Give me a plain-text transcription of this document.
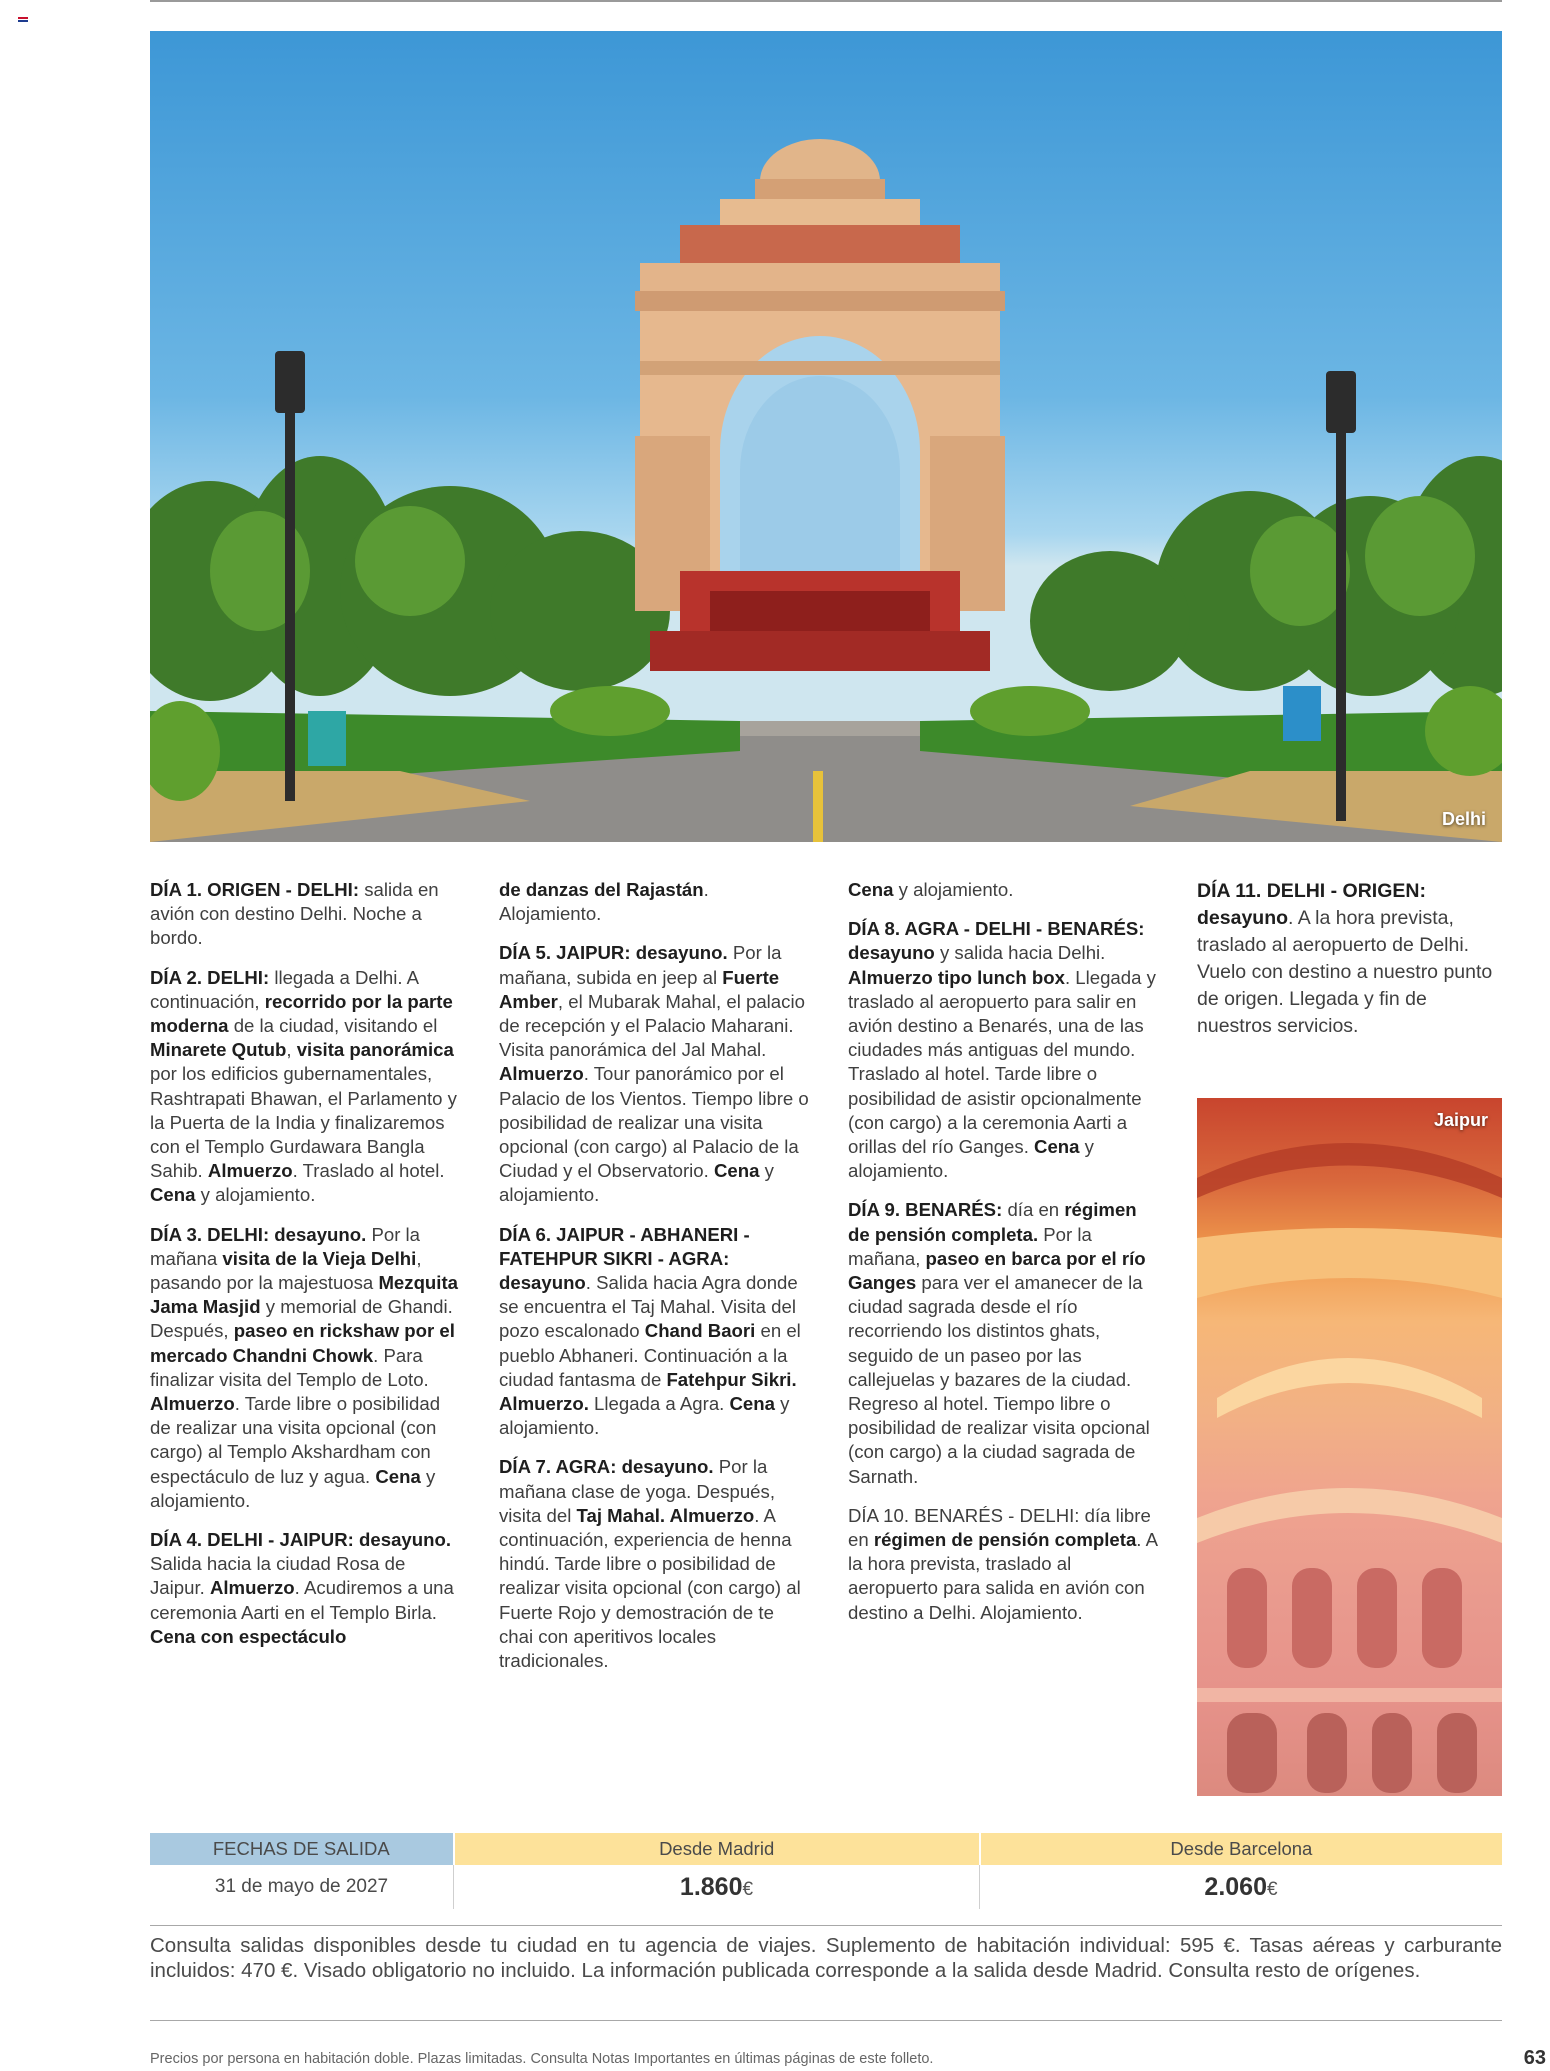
Delhi

DÍA 1. ORIGEN - DELHI: salida en avión con destino Delhi. Noche a bordo.

DÍA 2. DELHI: llegada a Delhi. A continuación, recorrido por la parte moderna de la ciudad, visitando el Minarete Qutub, visita panorámica por los edificios gubernamentales, Rashtrapati Bhawan, el Parlamento y la Puerta de la India y finalizaremos con el Templo Gurdawara Bangla Sahib. Almuerzo. Traslado al hotel. Cena y alojamiento.

DÍA 3. DELHI: desayuno. Por la mañana visita de la Vieja Delhi, pasando por la majestuosa Mezquita Jama Masjid y memorial de Ghandi. Después, paseo en rickshaw por el mercado Chandni Chowk. Para finalizar visita del Templo de Loto. Almuerzo. Tarde libre o posibilidad de realizar una visita opcional (con cargo) al Templo Akshardham con espectáculo de luz y agua. Cena y alojamiento.

DÍA 4. DELHI - JAIPUR: desayuno. Salida hacia la ciudad Rosa de Jaipur. Almuerzo. Acudiremos a una ceremonia Aarti en el Templo Birla. Cena con espectáculo

de danzas del Rajastán. Alojamiento.

DÍA 5. JAIPUR: desayuno. Por la mañana, subida en jeep al Fuerte Amber, el Mubarak Mahal, el palacio de recepción y el Palacio Maharani. Visita panorámica del Jal Mahal. Almuerzo. Tour panorámico por el Palacio de los Vientos. Tiempo libre o posibilidad de realizar una visita opcional (con cargo) al Palacio de la Ciudad y el Observatorio. Cena y alojamiento.

DÍA 6. JAIPUR - ABHANERI - FATEHPUR SIKRI - AGRA: desayuno. Salida hacia Agra donde se encuentra el Taj Mahal. Visita del pozo escalonado Chand Baori en el pueblo Abhaneri. Continuación a la ciudad fantasma de Fatehpur Sikri. Almuerzo. Llegada a Agra. Cena y alojamiento.

DÍA 7. AGRA: desayuno. Por la mañana clase de yoga. Después, visita del Taj Mahal. Almuerzo. A continuación, experiencia de henna hindú. Tarde libre o posibilidad de realizar visita opcional (con cargo) al Fuerte Rojo y demostración de te chai con aperitivos locales tradicionales.

Cena y alojamiento.

DÍA 8. AGRA - DELHI - BENARÉS: desayuno y salida hacia Delhi. Almuerzo tipo lunch box. Llegada y traslado al aeropuerto para salir en avión destino a Benarés, una de las ciudades más antiguas del mundo. Traslado al hotel. Tarde libre o posibilidad de asistir opcionalmente (con cargo) a la ceremonia Aarti a orillas del río Ganges. Cena y alojamiento.

DÍA 9. BENARÉS: día en régimen de pensión completa. Por la mañana, paseo en barca por el río Ganges para ver el amanecer de la ciudad sagrada desde el río recorriendo los distintos ghats, seguido de un paseo por las callejuelas y bazares de la ciudad. Regreso al hotel. Tiempo libre o posibilidad de realizar visita opcional (con cargo) a la ciudad sagrada de Sarnath.

DÍA 10. BENARÉS - DELHI: día libre en régimen de pensión completa. A la hora prevista, traslado al aeropuerto para salida en avión con destino a Delhi. Alojamiento.

DÍA 11. DELHI - ORIGEN: desayuno. A la hora prevista, traslado al aeropuerto de Delhi. Vuelo con destino a nuestro punto de origen. Llegada y fin de nuestros servicios.

Jaipur
FECHAS DE SALIDA	Desde Madrid	Desde Barcelona
31 de mayo de 2027	1.860€	2.060€

Consulta salidas disponibles desde tu ciudad en tu agencia de viajes. Suplemento de habitación individual: 595 €. Tasas aéreas y carburante incluidos: 470 €. Visado obligatorio no incluido. La información publicada corresponde a la salida desde Madrid. Consulta resto de orígenes.

Precios por persona en habitación doble. Plazas limitadas. Consulta Notas Importantes en últimas páginas de este folleto.	63
